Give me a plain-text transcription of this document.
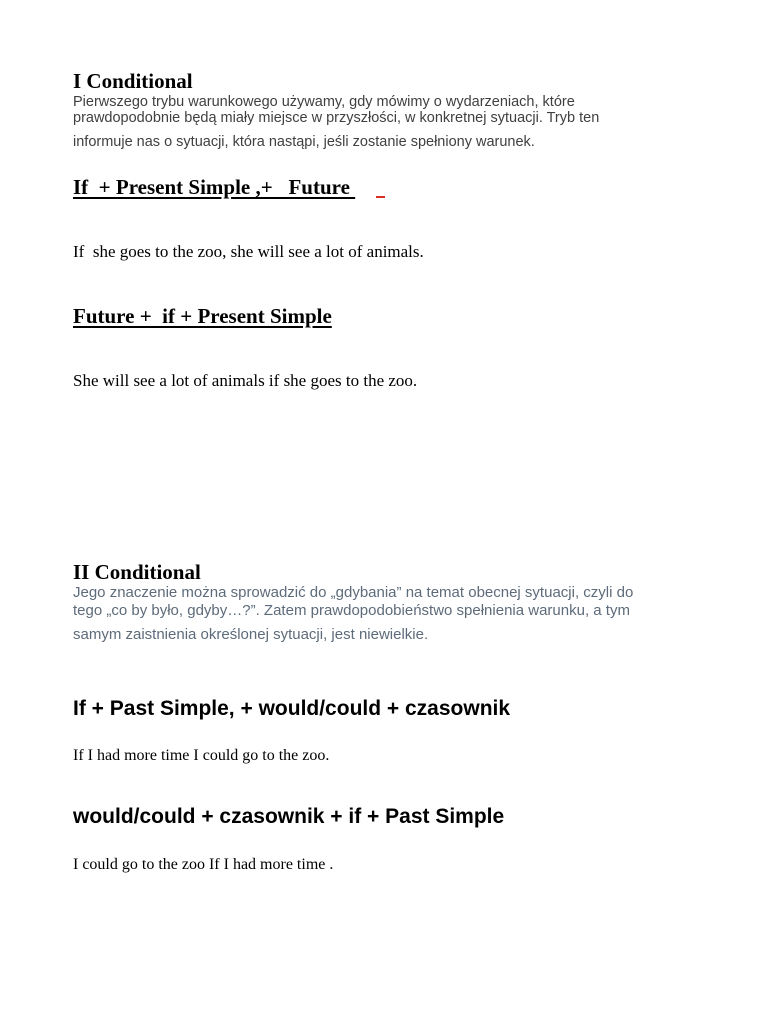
I Conditional
Pierwszego trybu warunkowego używamy, gdy mówimy o wydarzeniach, które
prawdopodobnie będą miały miejsce w przyszłości, w konkretnej sytuacji. Tryb ten
informuje nas o sytuacji, która nastąpi, jeśli zostanie spełniony warunek.
If  + Present Simple ,+   Future
If  she goes to the zoo, she will see a lot of animals.
Future +  if + Present Simple
She will see a lot of animals if she goes to the zoo.
II Conditional
Jego znaczenie można sprowadzić do „gdybania” na temat obecnej sytuacji, czyli do
tego „co by było, gdyby…?”. Zatem prawdopodobieństwo spełnienia warunku, a tym
samym zaistnienia określonej sytuacji, jest niewielkie.
If + Past Simple, + would/could + czasownik
If I had more time I could go to the zoo.
would/could + czasownik + if + Past Simple
I could go to the zoo If I had more time .
